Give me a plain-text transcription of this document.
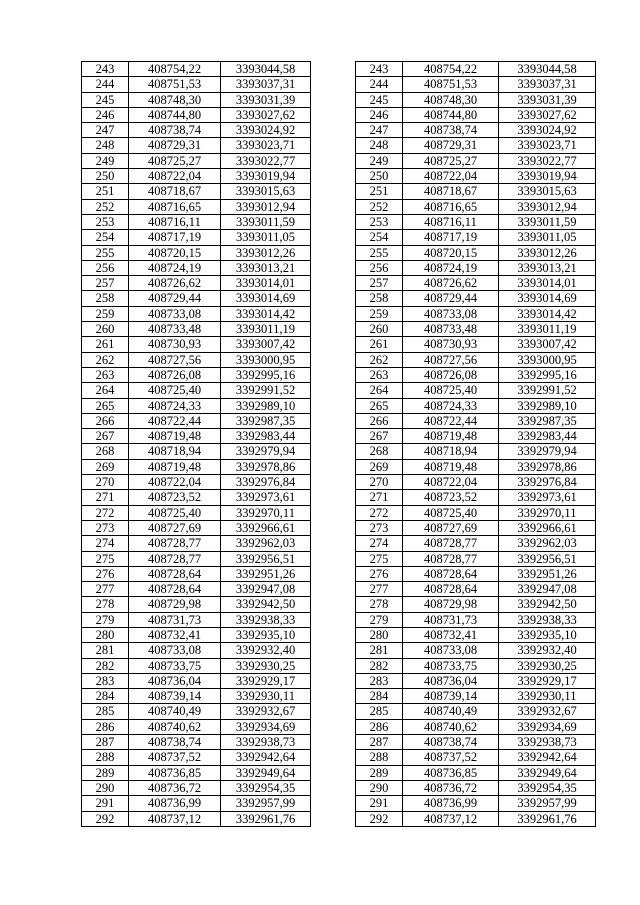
243	408754,22	3393044,58		243	408754,22	3393044,58
244	408751,53	3393037,31		244	408751,53	3393037,31
245	408748,30	3393031,39		245	408748,30	3393031,39
246	408744,80	3393027,62		246	408744,80	3393027,62
247	408738,74	3393024,92		247	408738,74	3393024,92
248	408729,31	3393023,71		248	408729,31	3393023,71
249	408725,27	3393022,77		249	408725,27	3393022,77
250	408722,04	3393019,94		250	408722,04	3393019,94
251	408718,67	3393015,63		251	408718,67	3393015,63
252	408716,65	3393012,94		252	408716,65	3393012,94
253	408716,11	3393011,59		253	408716,11	3393011,59
254	408717,19	3393011,05		254	408717,19	3393011,05
255	408720,15	3393012,26		255	408720,15	3393012,26
256	408724,19	3393013,21		256	408724,19	3393013,21
257	408726,62	3393014,01		257	408726,62	3393014,01
258	408729,44	3393014,69		258	408729,44	3393014,69
259	408733,08	3393014,42		259	408733,08	3393014,42
260	408733,48	3393011,19		260	408733,48	3393011,19
261	408730,93	3393007,42		261	408730,93	3393007,42
262	408727,56	3393000,95		262	408727,56	3393000,95
263	408726,08	3392995,16		263	408726,08	3392995,16
264	408725,40	3392991,52		264	408725,40	3392991,52
265	408724,33	3392989,10		265	408724,33	3392989,10
266	408722,44	3392987,35		266	408722,44	3392987,35
267	408719,48	3392983,44		267	408719,48	3392983,44
268	408718,94	3392979,94		268	408718,94	3392979,94
269	408719,48	3392978,86		269	408719,48	3392978,86
270	408722,04	3392976,84		270	408722,04	3392976,84
271	408723,52	3392973,61		271	408723,52	3392973,61
272	408725,40	3392970,11		272	408725,40	3392970,11
273	408727,69	3392966,61		273	408727,69	3392966,61
274	408728,77	3392962,03		274	408728,77	3392962,03
275	408728,77	3392956,51		275	408728,77	3392956,51
276	408728,64	3392951,26		276	408728,64	3392951,26
277	408728,64	3392947,08		277	408728,64	3392947,08
278	408729,98	3392942,50		278	408729,98	3392942,50
279	408731,73	3392938,33		279	408731,73	3392938,33
280	408732,41	3392935,10		280	408732,41	3392935,10
281	408733,08	3392932,40		281	408733,08	3392932,40
282	408733,75	3392930,25		282	408733,75	3392930,25
283	408736,04	3392929,17		283	408736,04	3392929,17
284	408739,14	3392930,11		284	408739,14	3392930,11
285	408740,49	3392932,67		285	408740,49	3392932,67
286	408740,62	3392934,69		286	408740,62	3392934,69
287	408738,74	3392938,73		287	408738,74	3392938,73
288	408737,52	3392942,64		288	408737,52	3392942,64
289	408736,85	3392949,64		289	408736,85	3392949,64
290	408736,72	3392954,35		290	408736,72	3392954,35
291	408736,99	3392957,99		291	408736,99	3392957,99
292	408737,12	3392961,76		292	408737,12	3392961,76
